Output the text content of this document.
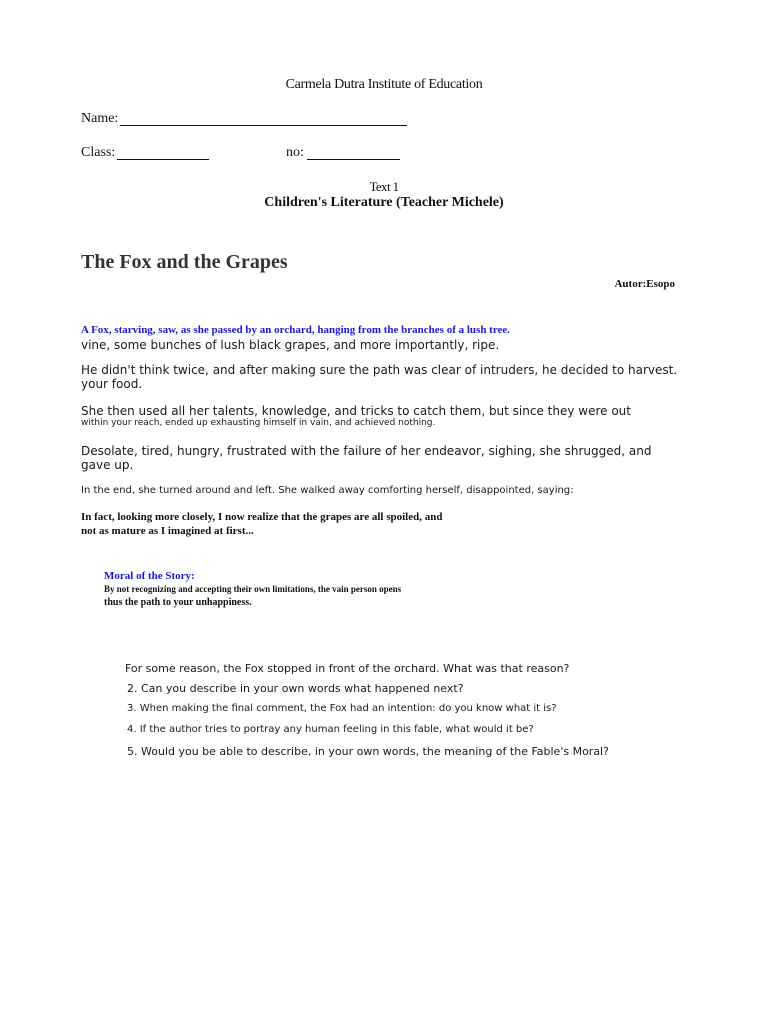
Carmela Dutra Institute of Education
Name:
Class:	no:
Text 1
Children's Literature (Teacher Michele)
The Fox and the Grapes
Autor:Esopo
A Fox, starving, saw, as she passed by an orchard, hanging from the branches of a lush tree.
vine, some bunches of lush black grapes, and more importantly, ripe.
He didn't think twice, and after making sure the path was clear of intruders, he decided to harvest.
your food.
She then used all her talents, knowledge, and tricks to catch them, but since they were out
within your reach, ended up exhausting himself in vain, and achieved nothing.
Desolate, tired, hungry, frustrated with the failure of her endeavor, sighing, she shrugged, and
gave up.
In the end, she turned around and left. She walked away comforting herself, disappointed, saying:
In fact, looking more closely, I now realize that the grapes are all spoiled, and
not as mature as I imagined at first...
Moral of the Story:
By not recognizing and accepting their own limitations, the vain person opens
thus the path to your unhappiness.
For some reason, the Fox stopped in front of the orchard. What was that reason?
2. Can you describe in your own words what happened next?
3. When making the final comment, the Fox had an intention: do you know what it is?
4. If the author tries to portray any human feeling in this fable, what would it be?
5. Would you be able to describe, in your own words, the meaning of the Fable's Moral?
